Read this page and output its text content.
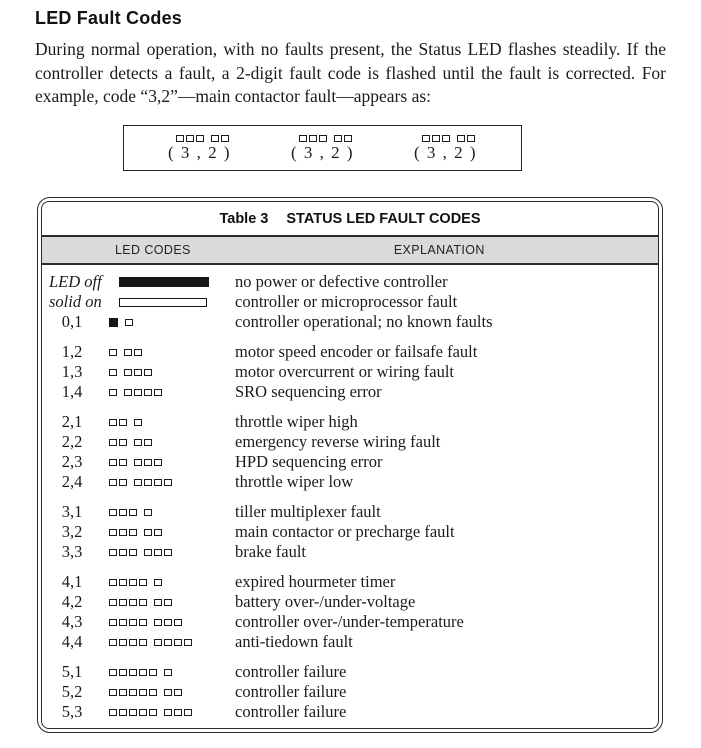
LED Fault Codes

During normal operation, with no faults present, the Status LED flashes steadily. If the controller detects a fault, a 2-digit fault code is flashed until the fault is corrected. For example, code “3,2”—main contactor fault—appears as:

( 3 , 2 )	( 3 , 2 )	( 3 , 2 )
Table 3 STATUS LED FAULT CODES
LED CODES	EXPLANATION
LED off	no power or defective controller
solid on	controller or microprocessor fault
0,1	controller operational; no known faults
1,2	motor speed encoder or failsafe fault
1,3	motor overcurrent or wiring fault
1,4	SRO sequencing error
2,1	throttle wiper high
2,2	emergency reverse wiring fault
2,3	HPD sequencing error
2,4	throttle wiper low
3,1	tiller multiplexer fault
3,2	main contactor or precharge fault
3,3	brake fault
4,1	expired hourmeter timer
4,2	battery over-/under-voltage
4,3	controller over-/under-temperature
4,4	anti-tiedown fault
5,1	controller failure
5,2	controller failure
5,3	controller failure
